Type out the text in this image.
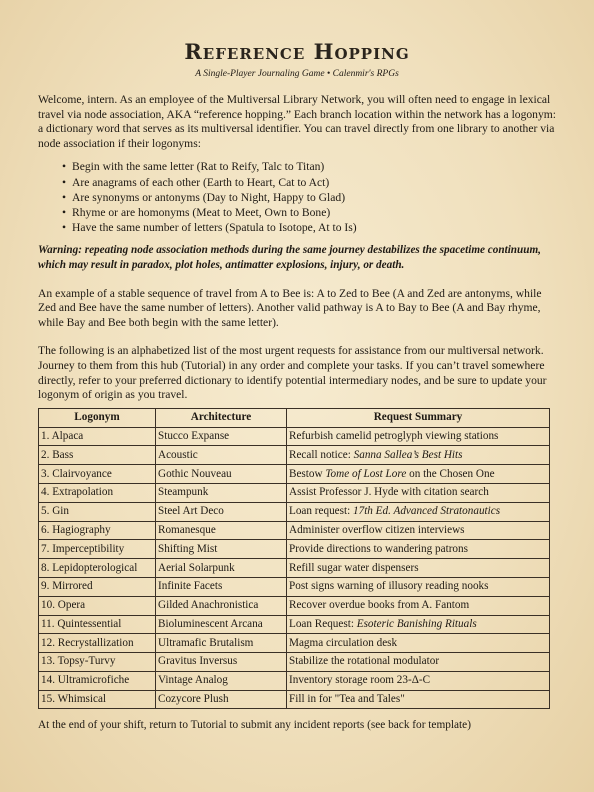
Reference Hopping
A Single-Player Journaling Game • Calenmir's RPGs

Welcome, intern. As an employee of the Multiversal Library Network, you will often need to engage in lexical travel via node association, AKA “reference hopping.” Each branch location within the network has a logonym: a dictionary word that serves as its multiversal identifier. You can travel directly from one library to another via node association if their logonyms:

• Begin with the same letter (Rat to Reify, Talc to Titan)
• Are anagrams of each other (Earth to Heart, Cat to Act)
• Are synonyms or antonyms (Day to Night, Happy to Glad)
• Rhyme or are homonyms (Meat to Meet, Own to Bone)
• Have the same number of letters (Spatula to Isotope, At to Is)

Warning: repeating node association methods during the same journey destabilizes the spacetime continuum, which may result in paradox, plot holes, antimatter explosions, injury, or death.

An example of a stable sequence of travel from A to Bee is: A to Zed to Bee (A and Zed are antonyms, while Zed and Bee have the same number of letters). Another valid pathway is A to Bay to Bee (A and Bay rhyme, while Bay and Bee both begin with the same letter).

The following is an alphabetized list of the most urgent requests for assistance from our multiversal network. Journey to them from this hub (Tutorial) in any order and complete your tasks. If you can’t travel somewhere directly, refer to your preferred dictionary to identify potential intermediary nodes, and be sure to update your logonym of origin as you travel.

Logonym	Architecture	Request Summary
1. Alpaca	Stucco Expanse	Refurbish camelid petroglyph viewing stations
2. Bass	Acoustic	Recall notice: Sanna Sallea’s Best Hits
3. Clairvoyance	Gothic Nouveau	Bestow Tome of Lost Lore on the Chosen One
4. Extrapolation	Steampunk	Assist Professor J. Hyde with citation search
5. Gin	Steel Art Deco	Loan request: 17th Ed. Advanced Stratonautics
6. Hagiography	Romanesque	Administer overflow citizen interviews
7. Imperceptibility	Shifting Mist	Provide directions to wandering patrons
8. Lepidopterological	Aerial Solarpunk	Refill sugar water dispensers
9. Mirrored	Infinite Facets	Post signs warning of illusory reading nooks
10. Opera	Gilded Anachronistica	Recover overdue books from A. Fantom
11. Quintessential	Bioluminescent Arcana	Loan Request: Esoteric Banishing Rituals
12. Recrystallization	Ultramafic Brutalism	Magma circulation desk
13. Topsy-Turvy	Gravitus Inversus	Stabilize the rotational modulator
14. Ultramicrofiche	Vintage Analog	Inventory storage room 23-Δ-C
15. Whimsical	Cozycore Plush	Fill in for "Tea and Tales"

At the end of your shift, return to Tutorial to submit any incident reports (see back for template)
